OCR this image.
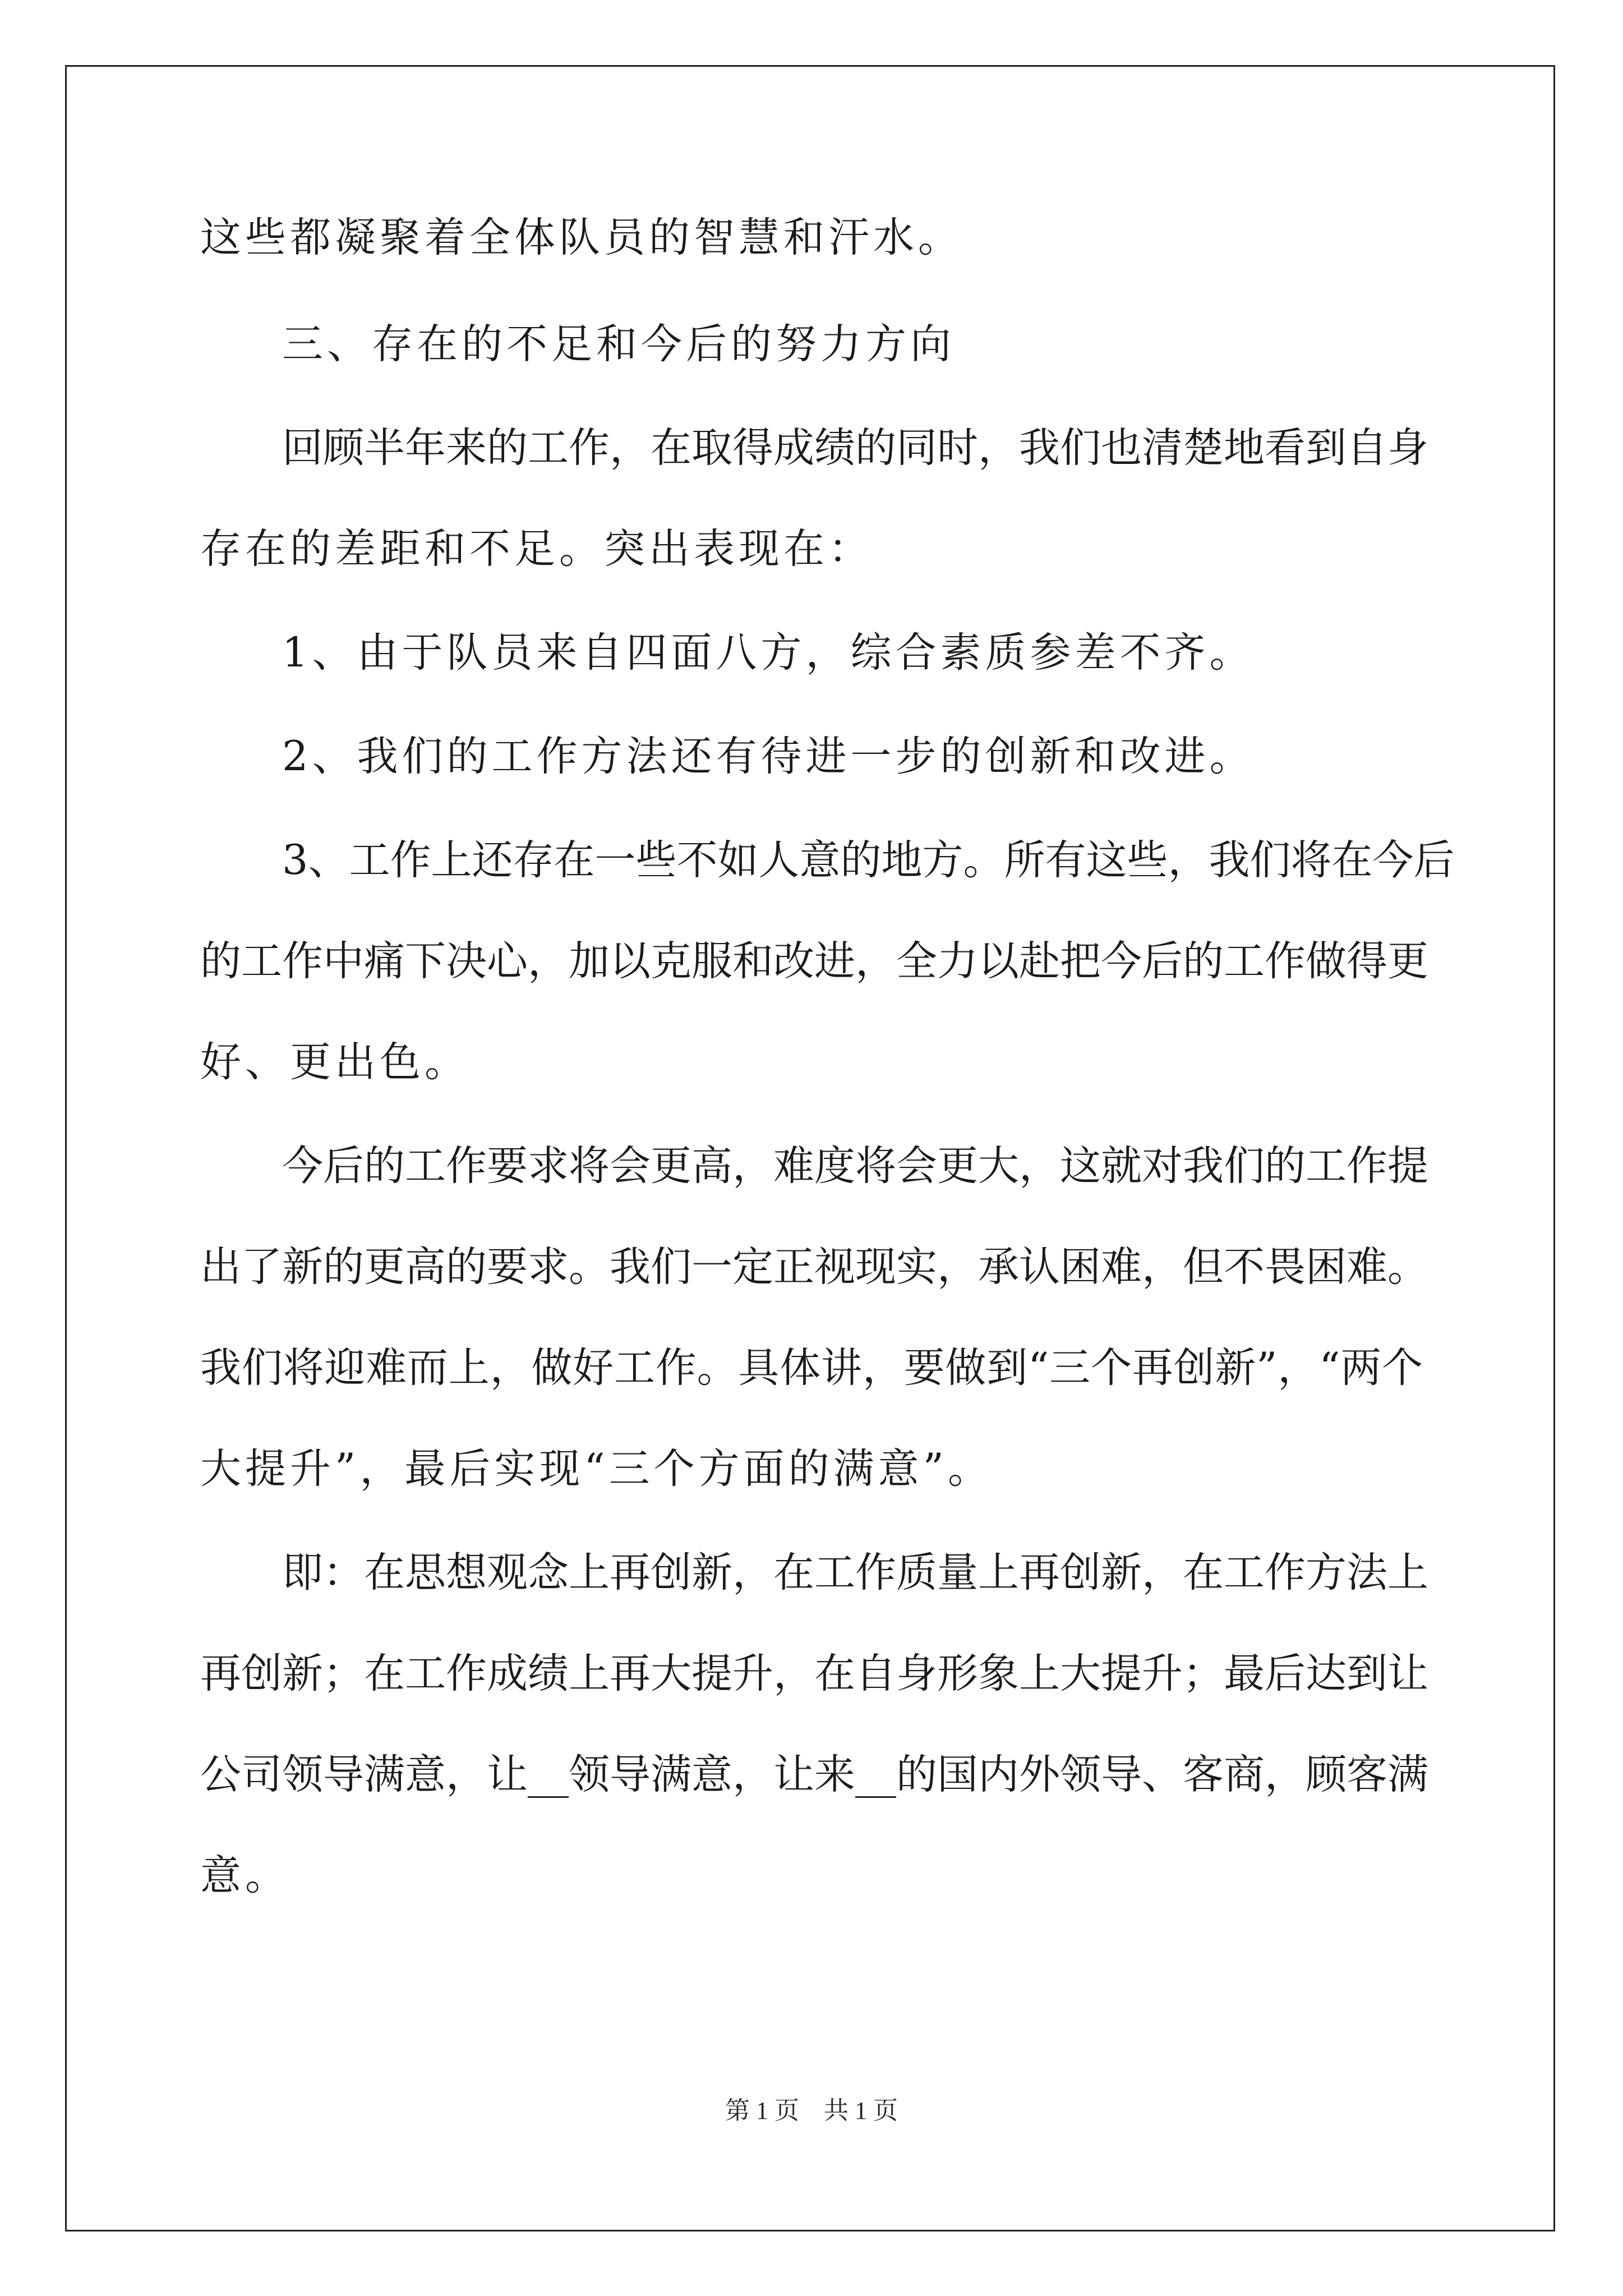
这些都凝聚着全体队员的智慧和汗水。
三、存在的不足和今后的努力方向
回顾半年来的工作，在取得成绩的同时，我们也清楚地看到自身
存在的差距和不足。突出表现在：
1、由于队员来自四面八方，综合素质参差不齐。
2、我们的工作方法还有待进一步的创新和改进。
3、工作上还存在一些不如人意的地方。所有这些，我们将在今后
的工作中痛下决心，加以克服和改进，全力以赴把今后的工作做得更
好、更出色。
今后的工作要求将会更高，难度将会更大，这就对我们的工作提
出了新的更高的要求。我们一定正视现实，承认困难，但不畏困难。
我们将迎难而上，做好工作。具体讲，要做到“三个再创新”，“两个
大提升”，最后实现“三个方面的满意”。
即：在思想观念上再创新，在工作质量上再创新，在工作方法上
再创新；在工作成绩上再大提升，在自身形象上大提升；最后达到让
公司领导满意，让__领导满意，让来__的国内外领导、客商，顾客满
意。
第 1 页    共 1 页
